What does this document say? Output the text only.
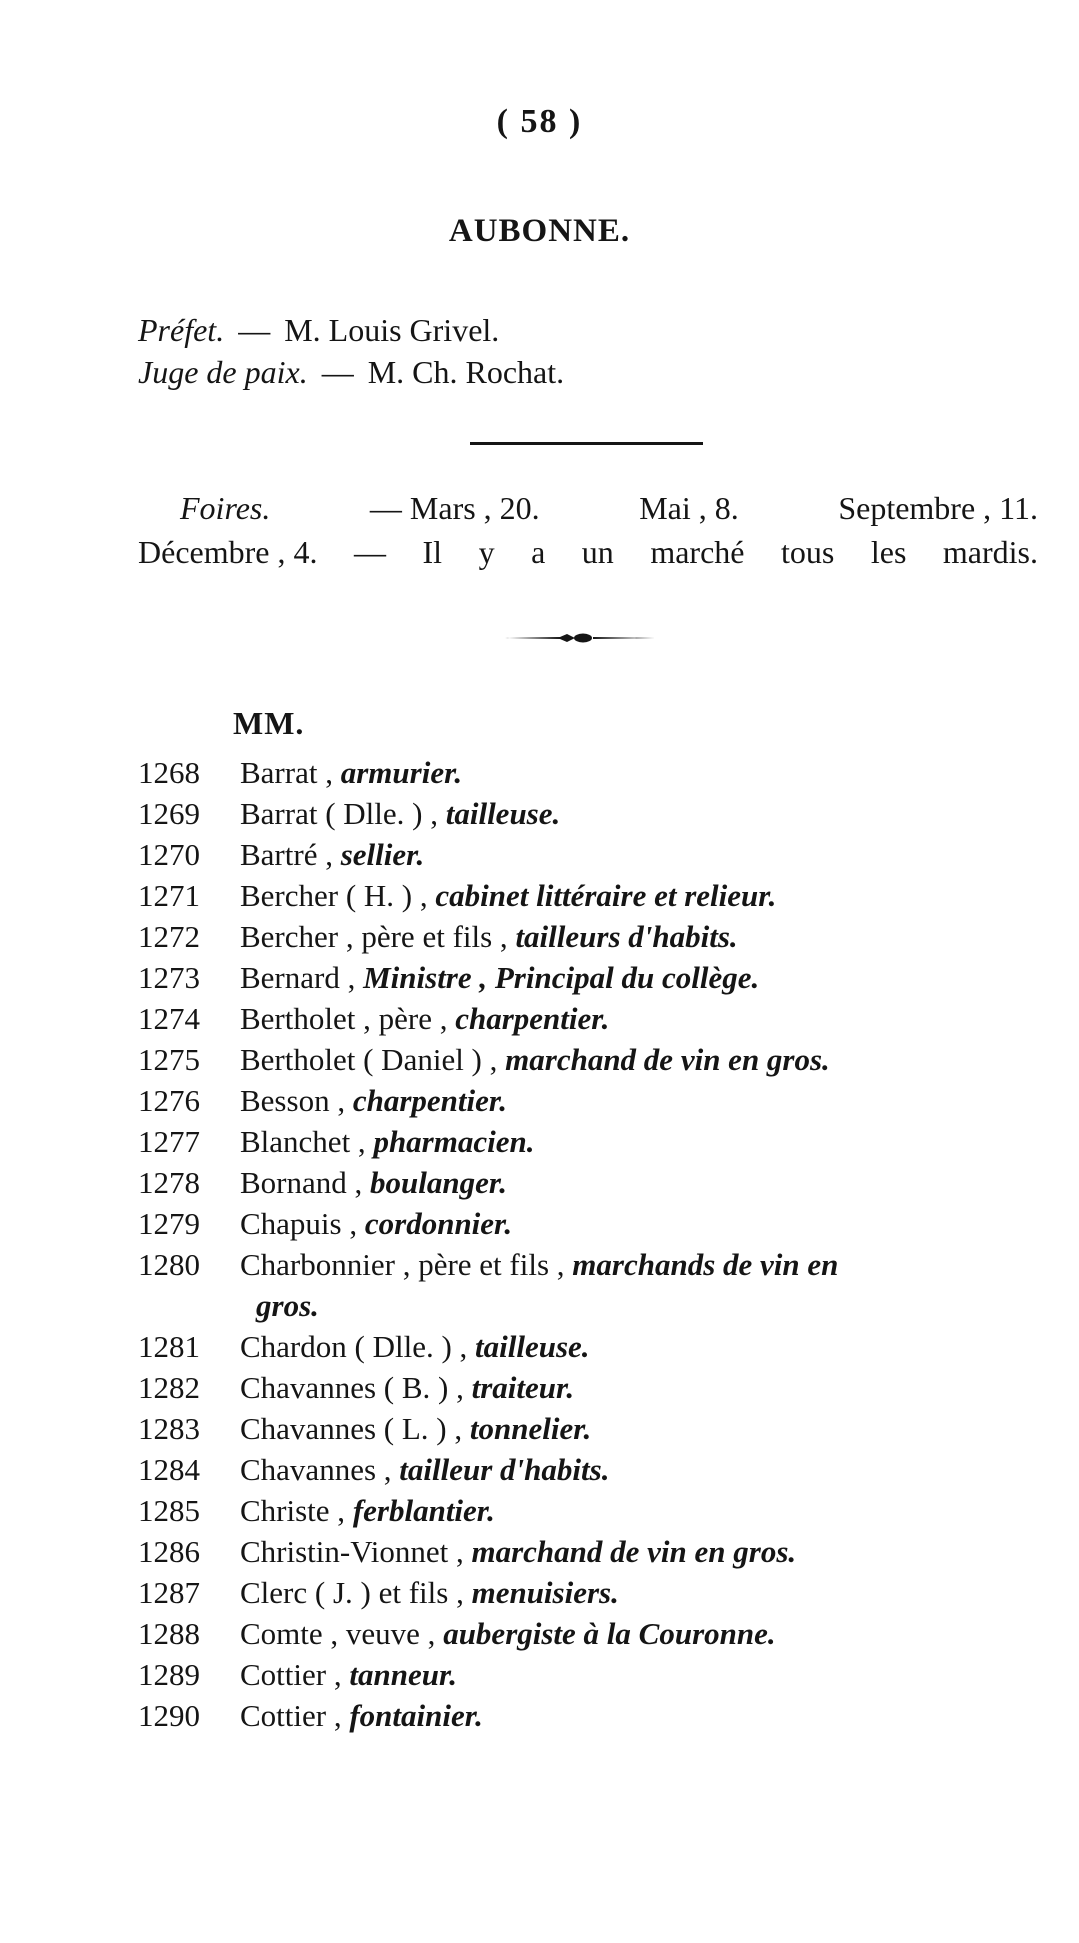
( 58 )
AUBONNE.
Préfet. — M. Louis Grivel.
Juge de paix. — M. Ch. Rochat.
Foires.	— Mars , 20.	Mai , 8.	Septembre , 11.
Décembre , 4. — Il y a un marché tous les mardis.
MM.
1268	Barrat , armurier.
1269	Barrat ( Dlle. ) , tailleuse.
1270	Bartré , sellier.
1271	Bercher ( H. ) , cabinet littéraire et relieur.
1272	Bercher , père et fils , tailleurs d'habits.
1273	Bernard , Ministre , Principal du collège.
1274	Bertholet , père , charpentier.
1275	Bertholet ( Daniel ) , marchand de vin en gros.
1276	Besson , charpentier.
1277	Blanchet , pharmacien.
1278	Bornand , boulanger.
1279	Chapuis , cordonnier.
1280	Charbonnier , père et fils , marchands de vin en
gros.
1281	Chardon ( Dlle. ) , tailleuse.
1282	Chavannes ( B. ) , traiteur.
1283	Chavannes ( L. ) , tonnelier.
1284	Chavannes , tailleur d'habits.
1285	Christe , ferblantier.
1286	Christin-Vionnet , marchand de vin en gros.
1287	Clerc ( J. ) et fils , menuisiers.
1288	Comte , veuve , aubergiste à la Couronne.
1289	Cottier , tanneur.
1290	Cottier , fontainier.
